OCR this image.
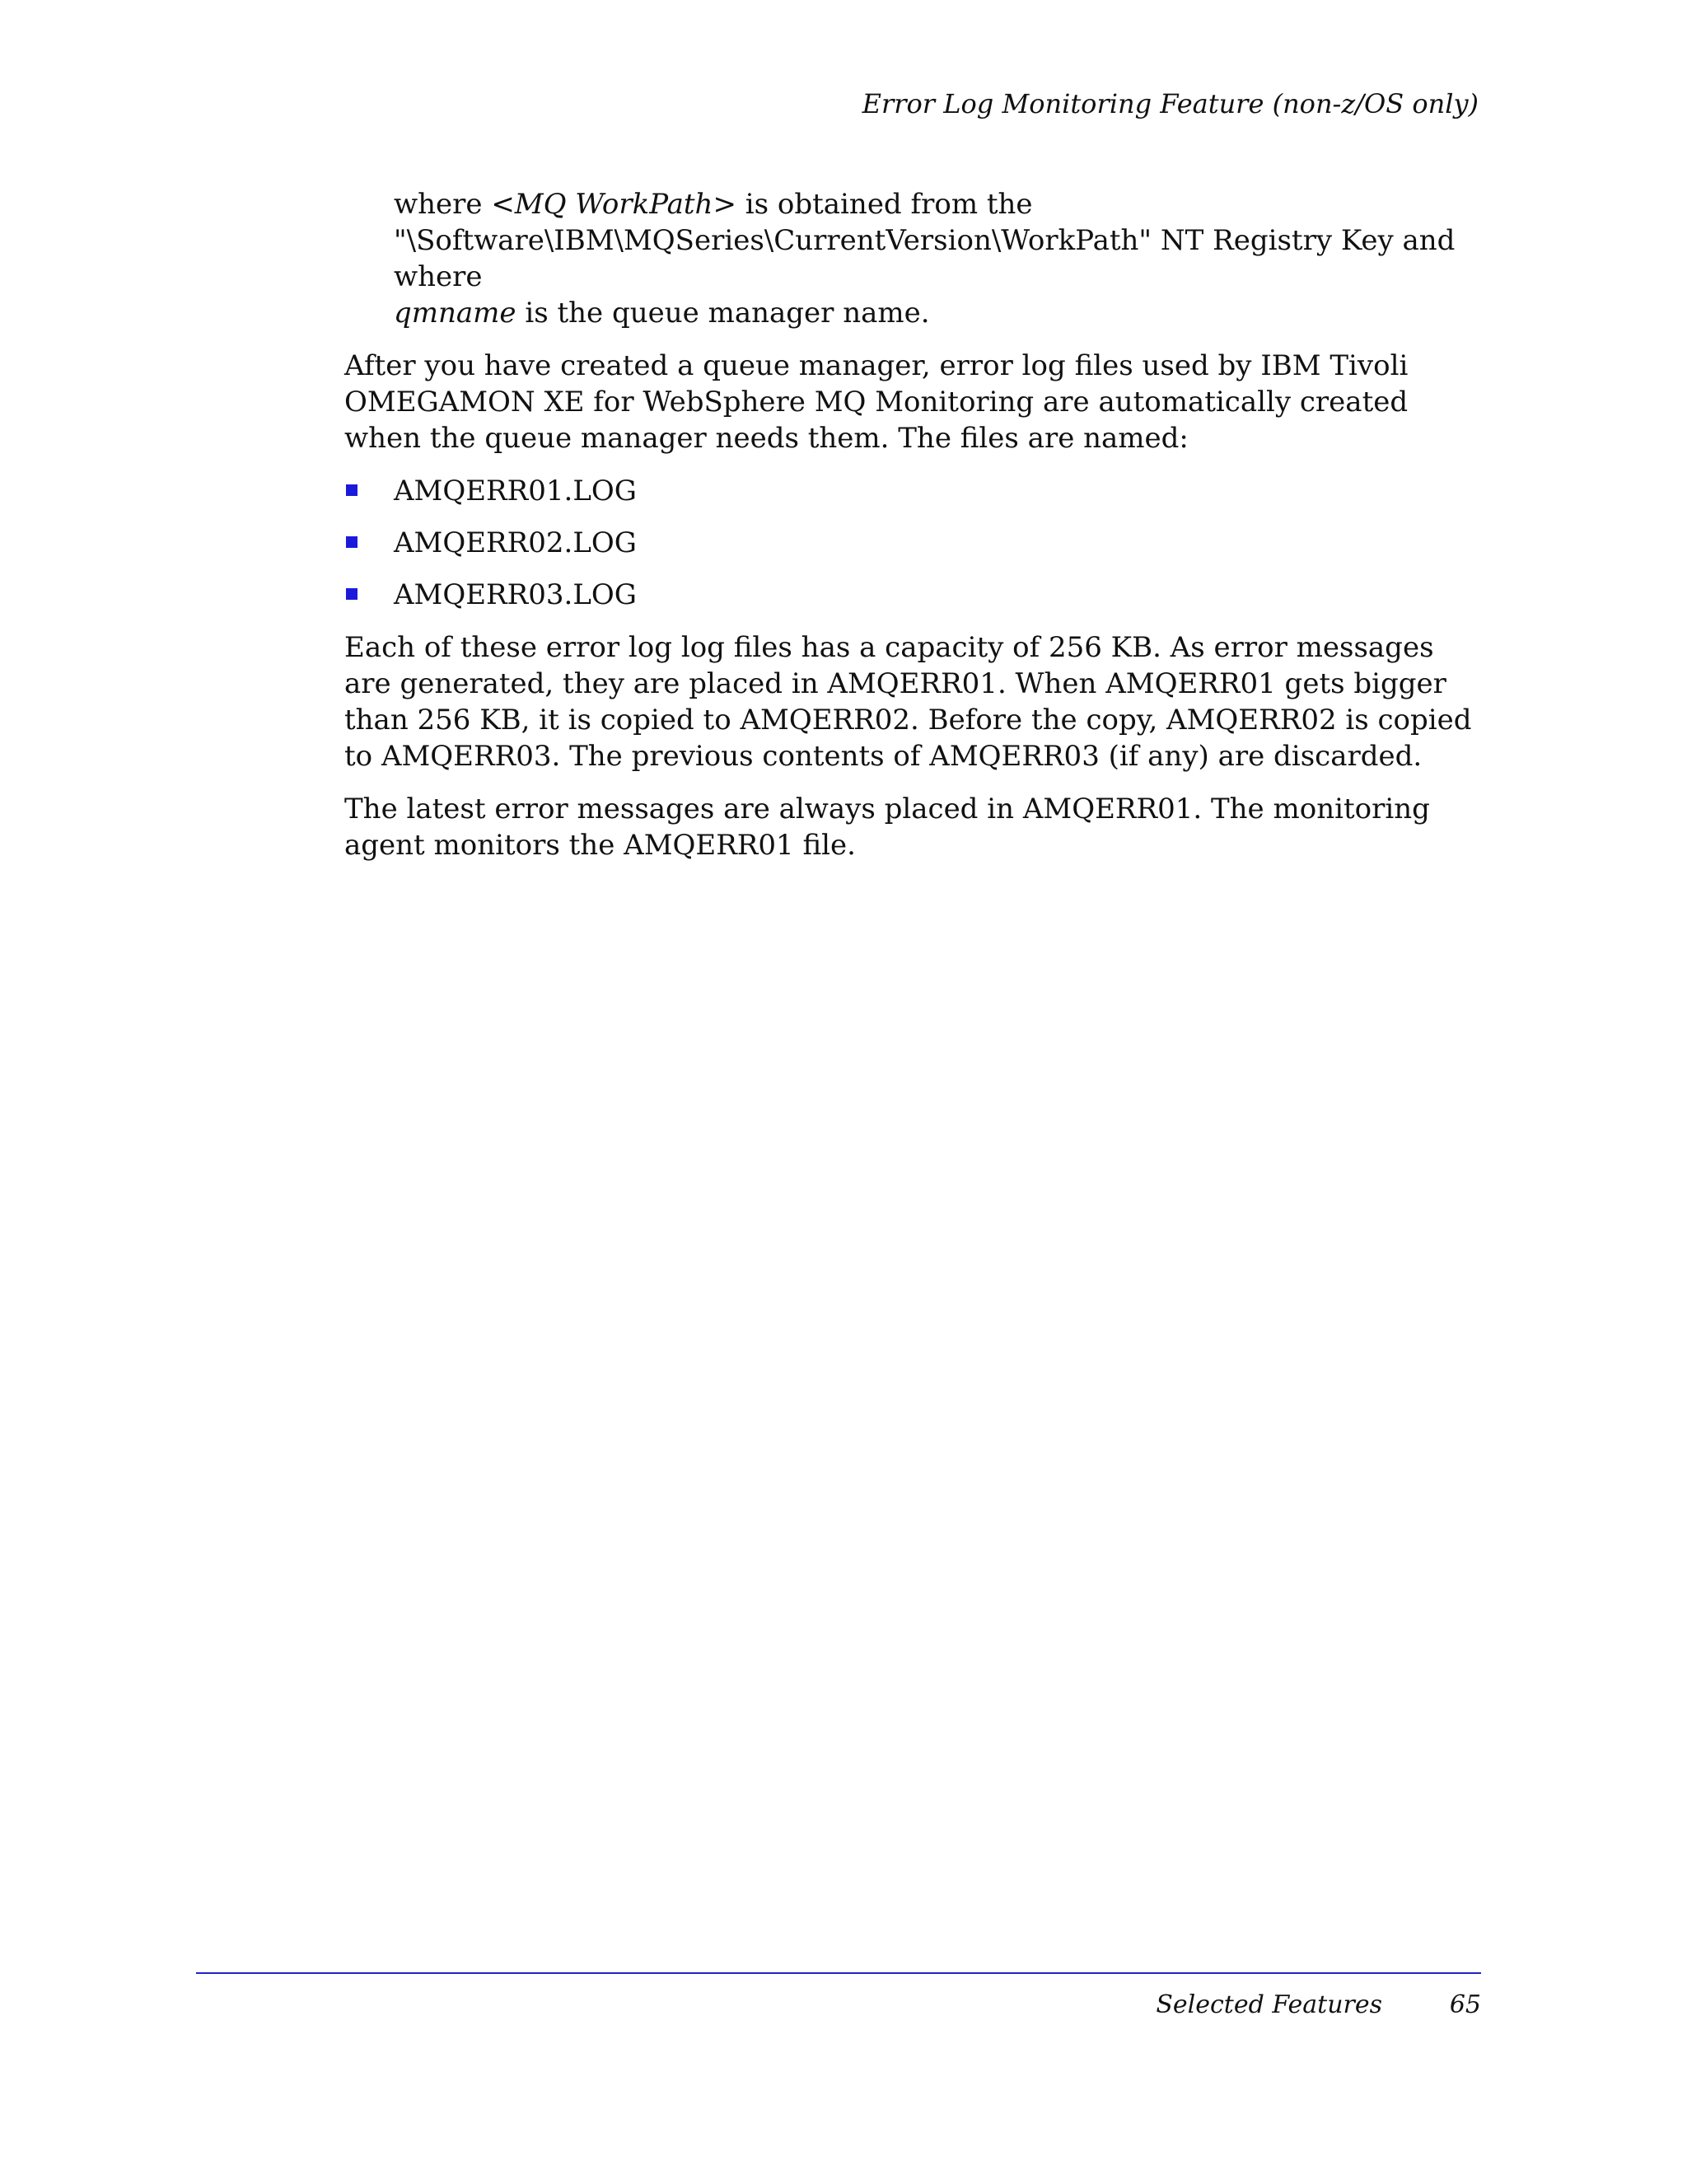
Error Log Monitoring Feature (non-z/OS only)

where <MQ WorkPath> is obtained from the
"\Software\IBM\MQSeries\CurrentVersion\WorkPath" NT Registry Key and where
qmname is the queue manager name.

After you have created a queue manager, error log files used by IBM Tivoli OMEGAMON XE for WebSphere MQ Monitoring are automatically created when the queue manager needs them. The files are named:

AMQERR01.LOG
AMQERR02.LOG
AMQERR03.LOG

Each of these error log log files has a capacity of 256 KB. As error messages are generated, they are placed in AMQERR01. When AMQERR01 gets bigger than 256 KB, it is copied to AMQERR02. Before the copy, AMQERR02 is copied to AMQERR03. The previous contents of AMQERR03 (if any) are discarded.

The latest error messages are always placed in AMQERR01. The monitoring agent monitors the AMQERR01 file.

Selected Features	65
